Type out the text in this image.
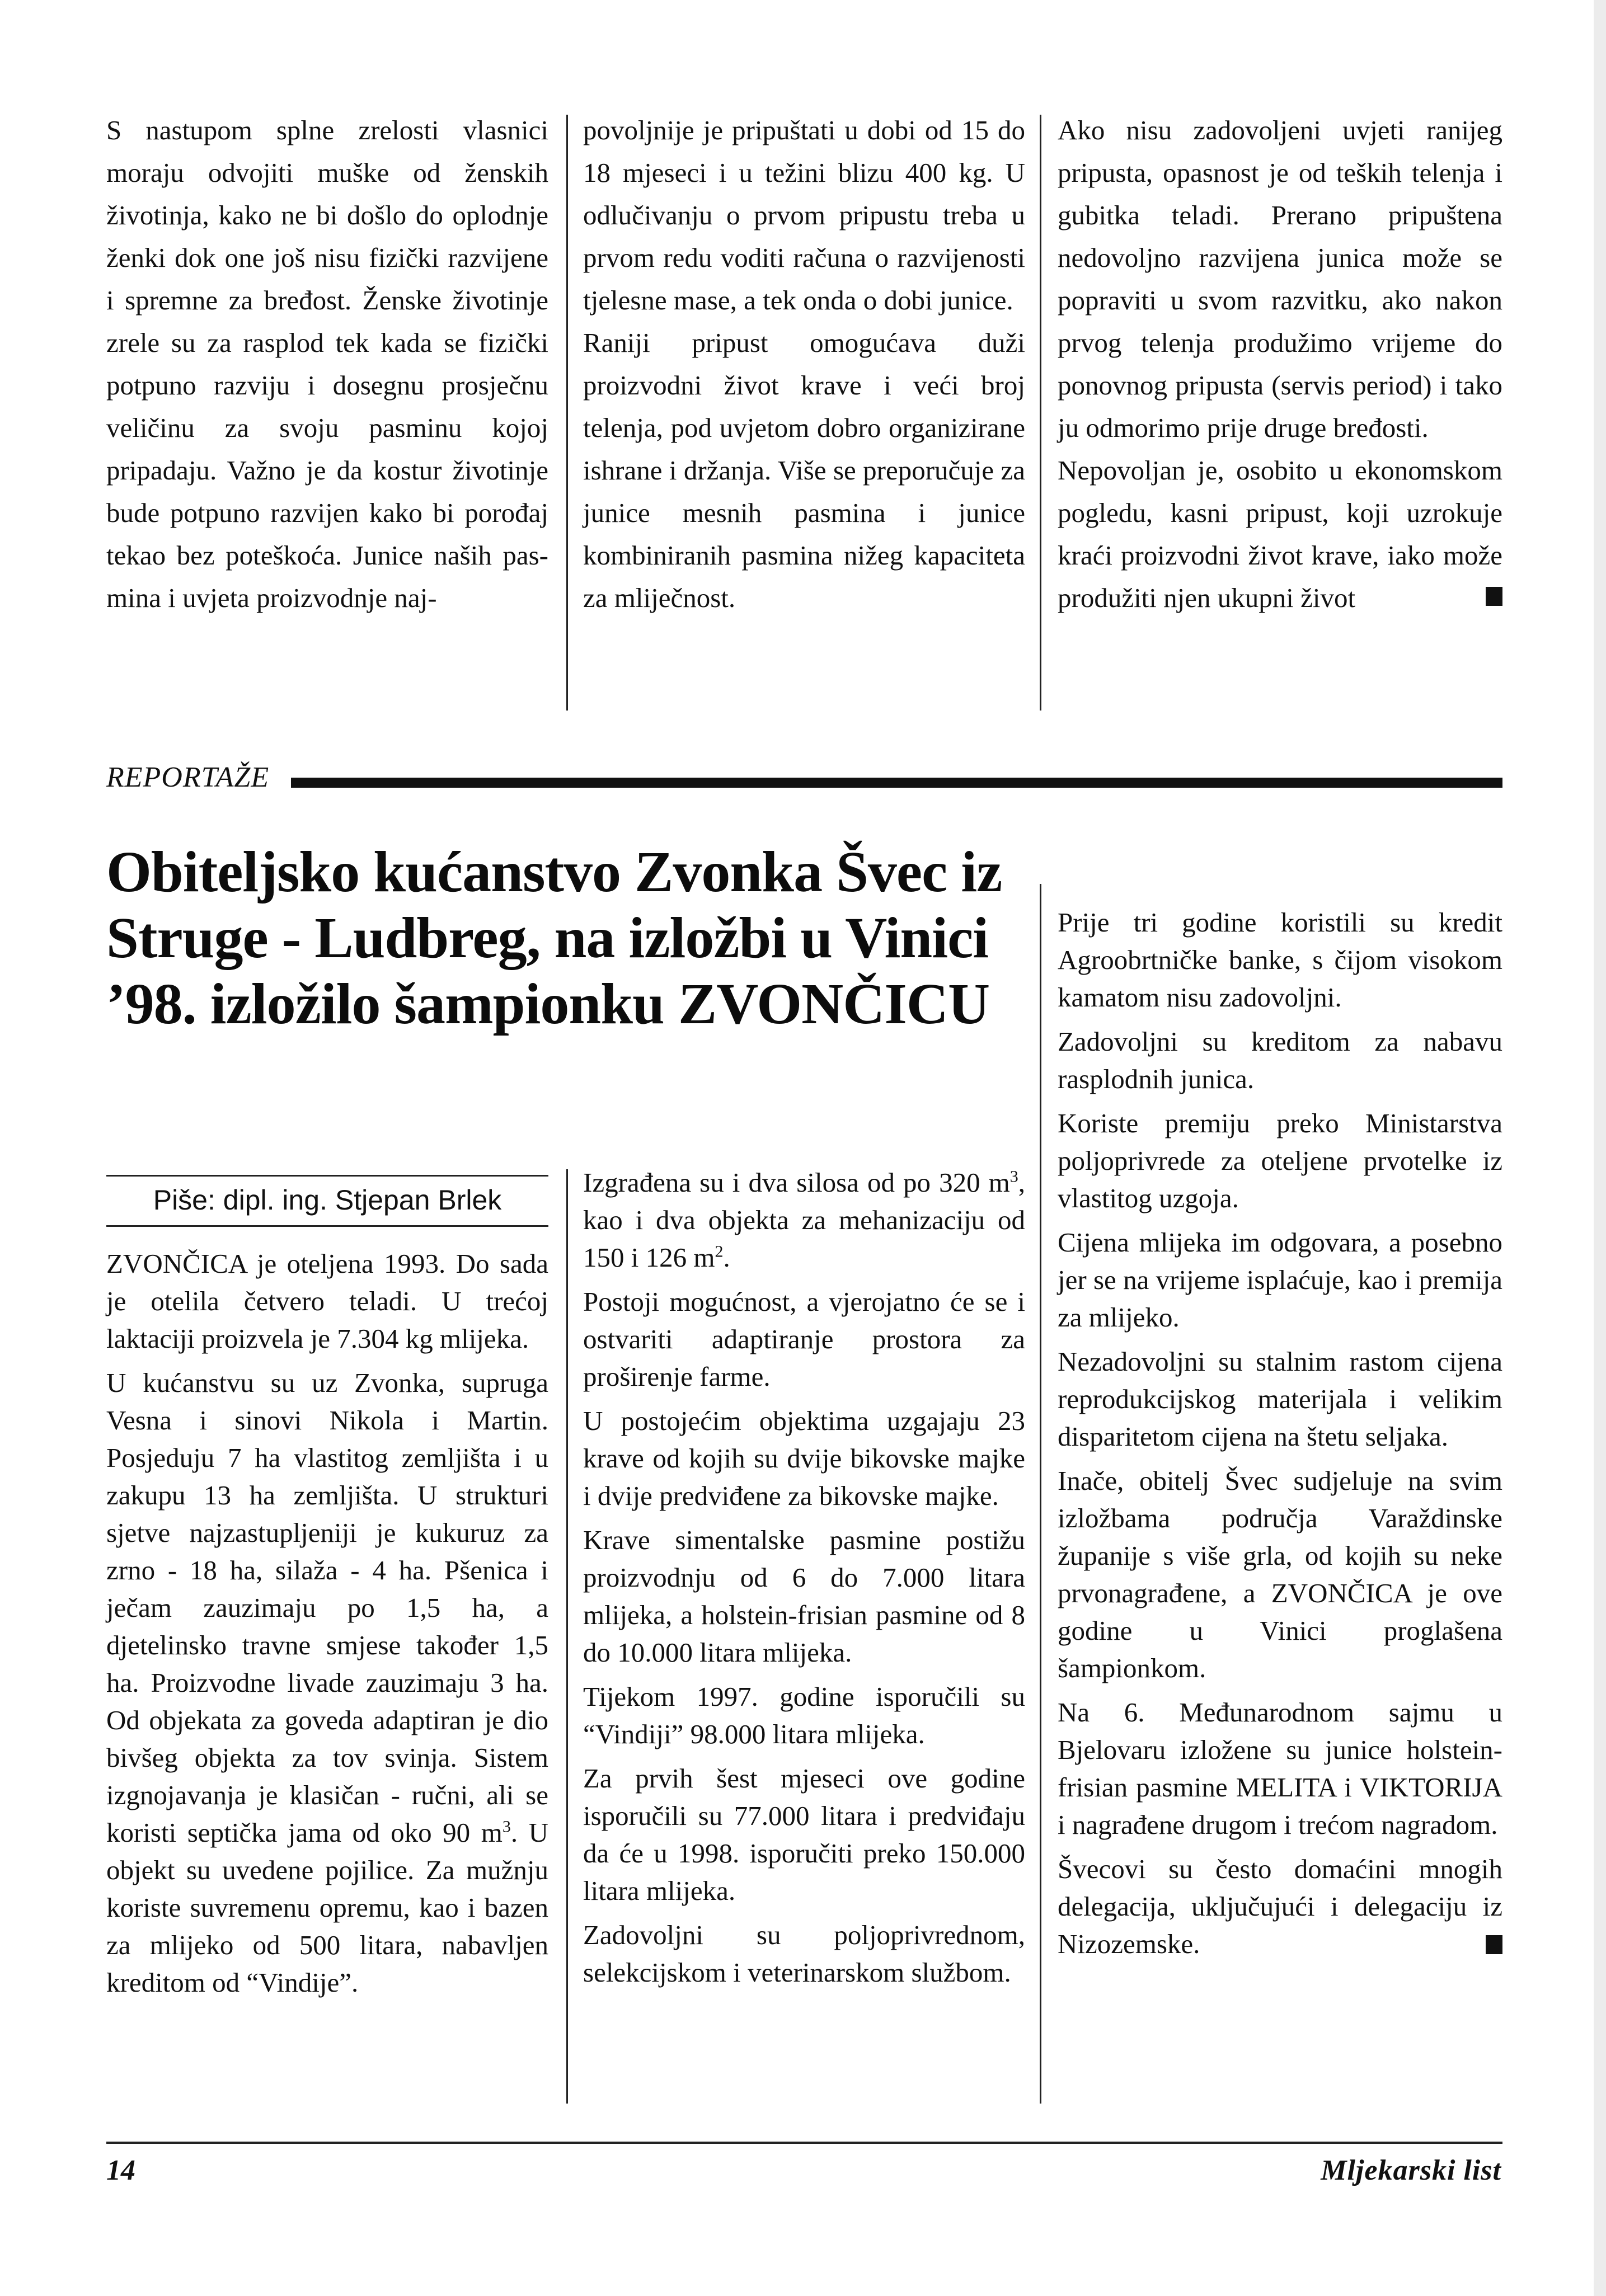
S nastupom splne zrelosti vlasnici moraju odvojiti muške od ženskih životinja, kako ne bi došlo do oplodnje ženki dok one još nisu fizički razvijene i spremne za bređost. Ženske životinje zrele su za rasplod tek kada se fizički potpuno razviju i dosegnu prosječnu veličinu za svoju pasminu kojoj pripadaju. Važno je da kostur životinje bude potpuno razvijen kako bi porođaj tekao bez poteškoća. Junice naših pasmina i uvjeta proizvodnje naj-

povoljnije je pripuštati u dobi od 15 do 18 mjeseci i u težini blizu 400 kg. U odlučivanju o prvom pripustu treba u prvom redu voditi računa o razvijenosti tjelesne mase, a tek onda o dobi junice.

Raniji pripust omogućava duži proizvodni život krave i veći broj telenja, pod uvjetom dobro organizirane ishrane i držanja. Više se preporučuje za junice mesnih pasmina i junice kombiniranih pasmina nižeg kapaciteta za mliječnost.

Ako nisu zadovoljeni uvjeti ranijeg pripusta, opasnost je od teških telenja i gubitka teladi. Prerano pripuštena nedovoljno razvijena junica može se popraviti u svom razvitku, ako nakon prvog telenja produžimo vrijeme do ponovnog pripusta (servis period) i tako ju odmorimo prije druge bređosti.

Nepovoljan je, osobito u ekonomskom pogledu, kasni pripust, koji uzrokuje kraći proizvodni život krave, iako može produžiti njen ukupni život

REPORTAŽE
Obiteljsko kućanstvo Zvonka Švec iz Struge - Ludbreg, na izložbi u Vinici ’98. izložilo šampionku ZVONČICU
Piše: dipl. ing. Stjepan Brlek

ZVONČICA je oteljena 1993. Do sada je otelila četvero teladi. U trećoj laktaciji proizvela je 7.304 kg mlijeka.

U kućanstvu su uz Zvonka, supruga Vesna i sinovi Nikola i Martin. Posjeduju 7 ha vlastitog zemljišta i u zakupu 13 ha zemljišta. U strukturi sjetve najzastupljeniji je kukuruz za zrno - 18 ha, silaža - 4 ha. Pšenica i ječam zauzimaju po 1,5 ha, a djetelinsko travne smjese također 1,5 ha. Proizvodne livade zauzimaju 3 ha. Od objekata za goveda adaptiran je dio bivšeg objekta za tov svinja. Sistem izgnojavanja je klasičan - ručni, ali se koristi septička jama od oko 90 $m^3$. U objekt su uvedene pojilice. Za mužnju koriste suvremenu opremu, kao i bazen za mlijeko od 500 litara, nabavljen kreditom od “Vindije”.

Izgrađena su i dva silosa od po 320 $m^3$, kao i dva objekta za mehanizaciju od 150 i 126 $m^2$.

Postoji mogućnost, a vjerojatno će se i ostvariti adaptiranje prostora za proširenje farme.

U postojećim objektima uzgajaju 23 krave od kojih su dvije bikovske majke i dvije predviđene za bikovske majke.

Krave simentalske pasmine postižu proizvodnju od 6 do 7.000 litara mlijeka, a holstein-frisian pasmine od 8 do 10.000 litara mlijeka.

Tijekom 1997. godine isporučili su “Vindiji” 98.000 litara mlijeka.

Za prvih šest mjeseci ove godine isporučili su 77.000 litara i predviđaju da će u 1998. isporučiti preko 150.000 litara mlijeka.

Zadovoljni su poljoprivrednom, selekcijskom i veterinarskom službom.

Prije tri godine koristili su kredit Agroobrtničke banke, s čijom visokom kamatom nisu zadovoljni.

Zadovoljni su kreditom za nabavu rasplodnih junica.

Koriste premiju preko Ministarstva poljoprivrede za oteljene prvotelke iz vlastitog uzgoja.

Cijena mlijeka im odgovara, a posebno jer se na vrijeme isplaćuje, kao i premija za mlijeko.

Nezadovoljni su stalnim rastom cijena reprodukcijskog materijala i velikim disparitetom cijena na štetu seljaka.

Inače, obitelj Švec sudjeluje na svim izložbama područja Varaždinske županije s više grla, od kojih su neke prvonagrađene, a ZVONČICA je ove godine u Vinici proglašena šampionkom.

Na 6. Međunarodnom sajmu u Bjelovaru izložene su junice holstein-frisian pasmine MELITA i VIKTORIJA i nagrađene drugom i trećom nagradom.

Švecovi su često domaćini mnogih delegacija, uključujući i delegaciju iz Nizozemske.

14	Mljekarski list
